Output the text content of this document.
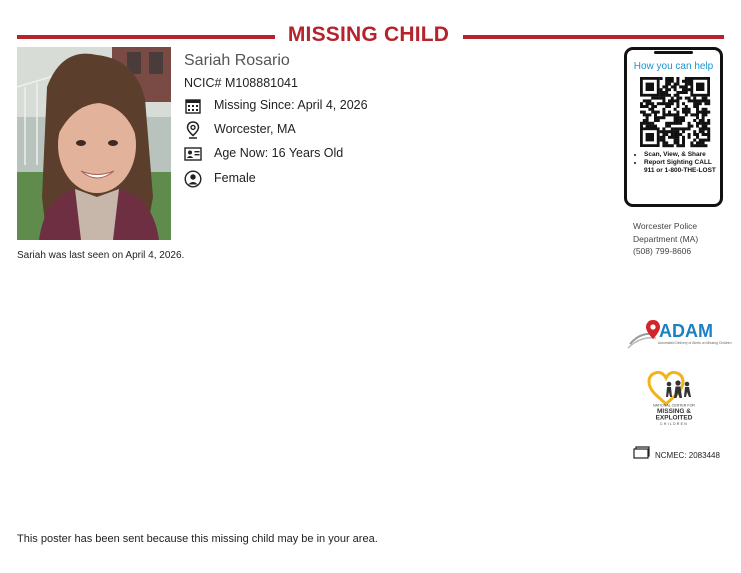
MISSING CHILD
Sariah Rosario
NCIC# M108881041
Missing Since: April 4, 2026
Worcester, MA
Age Now: 16 Years Old
Female
Sariah was last seen on April 4, 2026.
How you can help
• Scan, View, & Share
• Report Sighting CALL 911 or 1-800-THE-LOST
Worcester Police
Department (MA)
(508) 799-8606
ADAM
Automated Delivery of Alerts on Missing Children
NATIONAL CENTER FOR
MISSING &
EXPLOITED
CHILDREN
NCMEC: 2083448
This poster has been sent because this missing child may be in your area.
